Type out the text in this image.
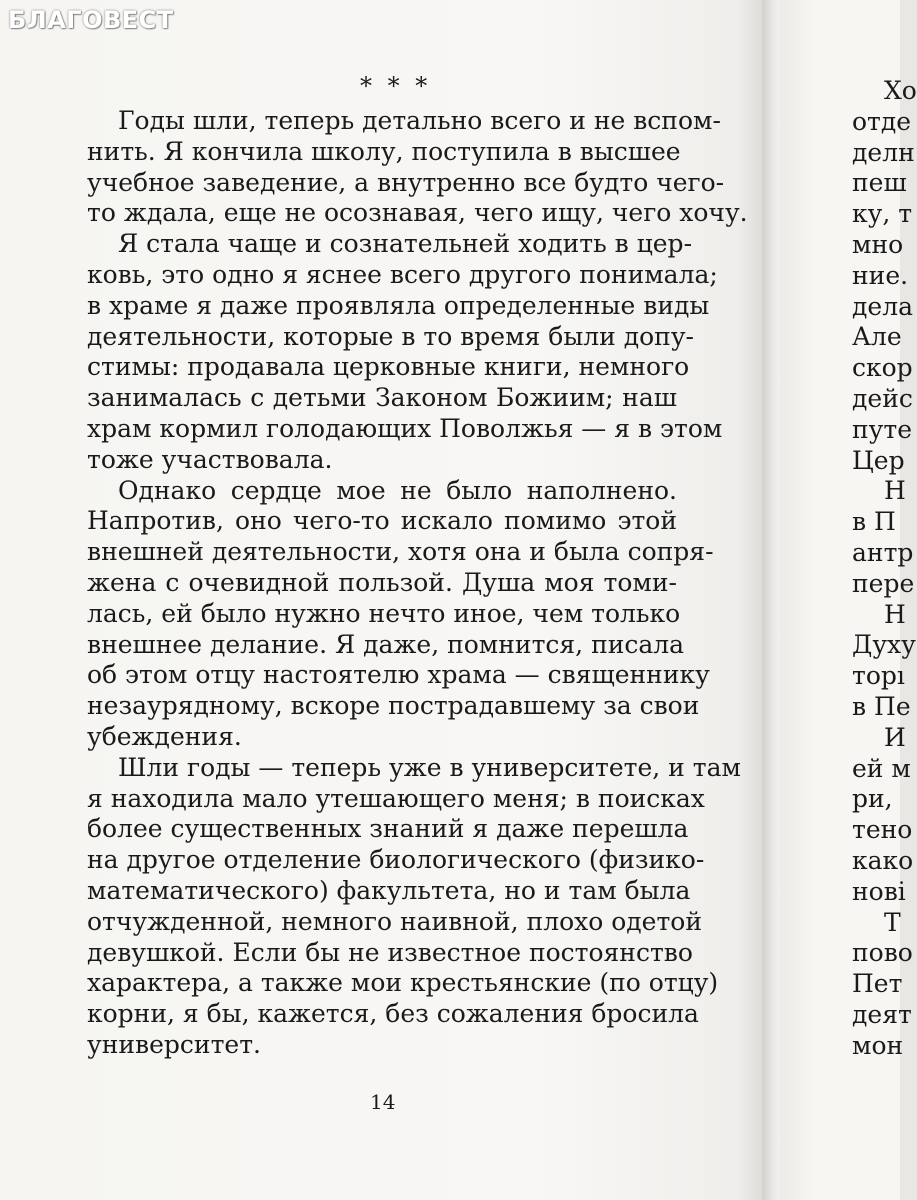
* * *
Годы шли, теперь детально всего и не вспом-
нить. Я кончила школу, поступила в высшее
учебное заведение, а внутренно все будто чего-
то ждала, еще не осознавая, чего ищу, чего хочу.
Я стала чаще и сознательней ходить в цер-
ковь, это одно я яснее всего другого понимала;
в храме я даже проявляла определенные виды
деятельности, которые в то время были допу-
стимы: продавала церковные книги, немного
занималась с детьми Законом Божиим; наш
храм кормил голодающих Поволжья — я в этом
тоже участвовала.
Однако сердце мое не было наполнено.
Напротив, оно чего-то искало помимо этой
внешней деятельности, хотя она и была сопря-
жена с очевидной пользой. Душа моя томи-
лась, ей было нужно нечто иное, чем только
внешнее делание. Я даже, помнится, писала
об этом отцу настоятелю храма — священнику
незаурядному, вскоре пострадавшему за свои
убеждения.
Шли годы — теперь уже в университете, и там
я находила мало утешающего меня; в поисках
более существенных знаний я даже перешла
на другое отделение биологического (физико-
математического) факультета, но и там была
отчужденной, немного наивной, плохо одетой
девушкой. Если бы не известное постоянство
характера, а также мои крестьянские (по отцу)
корни, я бы, кажется, без сожаления бросила
университет.
14
Хо
отде
делн
пеш
ку, т
мно
ние.
дела
Але
скор
дейс
путе
Цер
Н
в П
антр
пере
Н
Духу
торı
в Пе
И
ей м
ри,
тено
како
нові
Т
пово
Пет
деят
мон
БЛАГОВЕСТ
